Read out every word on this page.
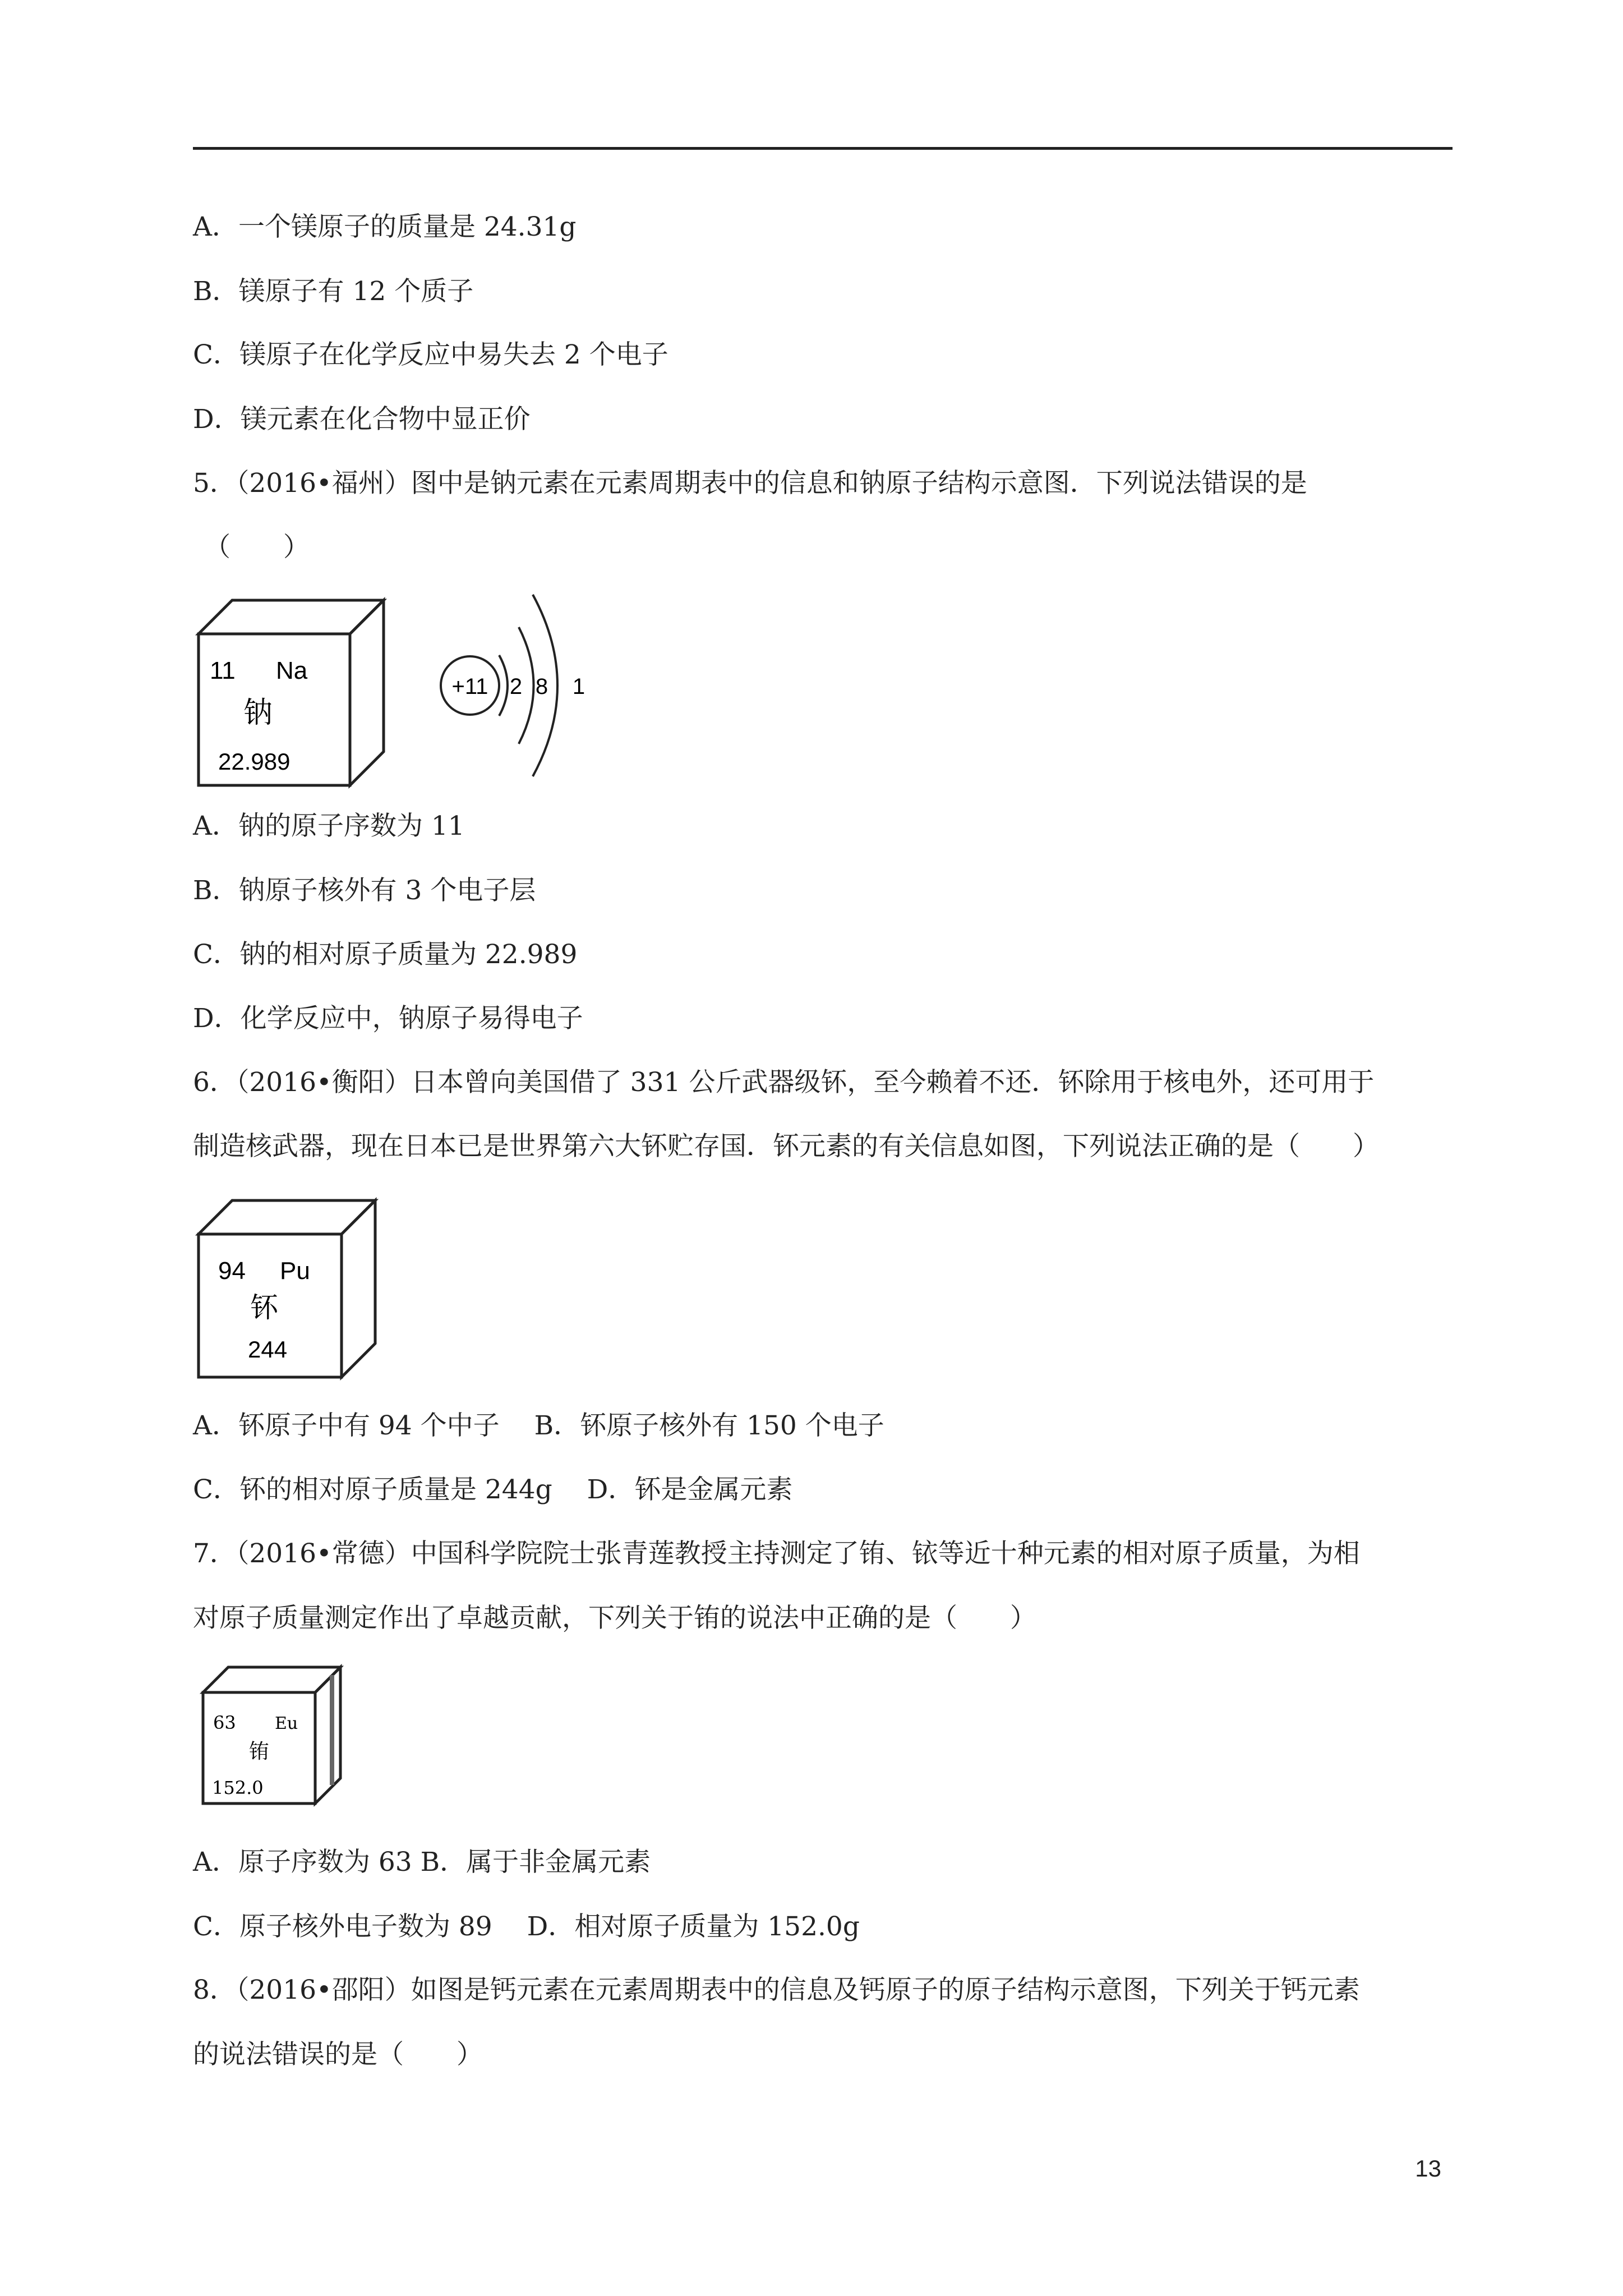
A．一个镁原子的质量是 24.31g
B．镁原子有 12 个质子
C．镁原子在化学反应中易失去 2 个电子
D．镁元素在化合物中显正价
5．（2016•福州）图中是钠元素在元素周期表中的信息和钠原子结构示意图．下列说法错误的是
（　　）
11 Na
钠
22.989
+11 2 8 1
A．钠的原子序数为 11
B．钠原子核外有 3 个电子层
C．钠的相对原子质量为 22.989
D．化学反应中，钠原子易得电子
6．（2016•衡阳）日本曾向美国借了 331 公斤武器级钚，至今赖着不还．钚除用于核电外，还可用于
制造核武器，现在日本已是世界第六大钚贮存国．钚元素的有关信息如图，下列说法正确的是（　　）
94 Pu
钚
244
A．钚原子中有 94 个中子　 B．钚原子核外有 150 个电子
C．钚的相对原子质量是 244g　 D．钚是金属元素
7．（2016•常德）中国科学院院士张青莲教授主持测定了铕、铱等近十种元素的相对原子质量，为相
对原子质量测定作出了卓越贡献，下列关于铕的说法中正确的是（　　）
63 Eu
铕
152.0
A．原子序数为 63 B．属于非金属元素
C．原子核外电子数为 89　 D．相对原子质量为 152.0g
8．（2016•邵阳）如图是钙元素在元素周期表中的信息及钙原子的原子结构示意图，下列关于钙元素
的说法错误的是（　　）
13
